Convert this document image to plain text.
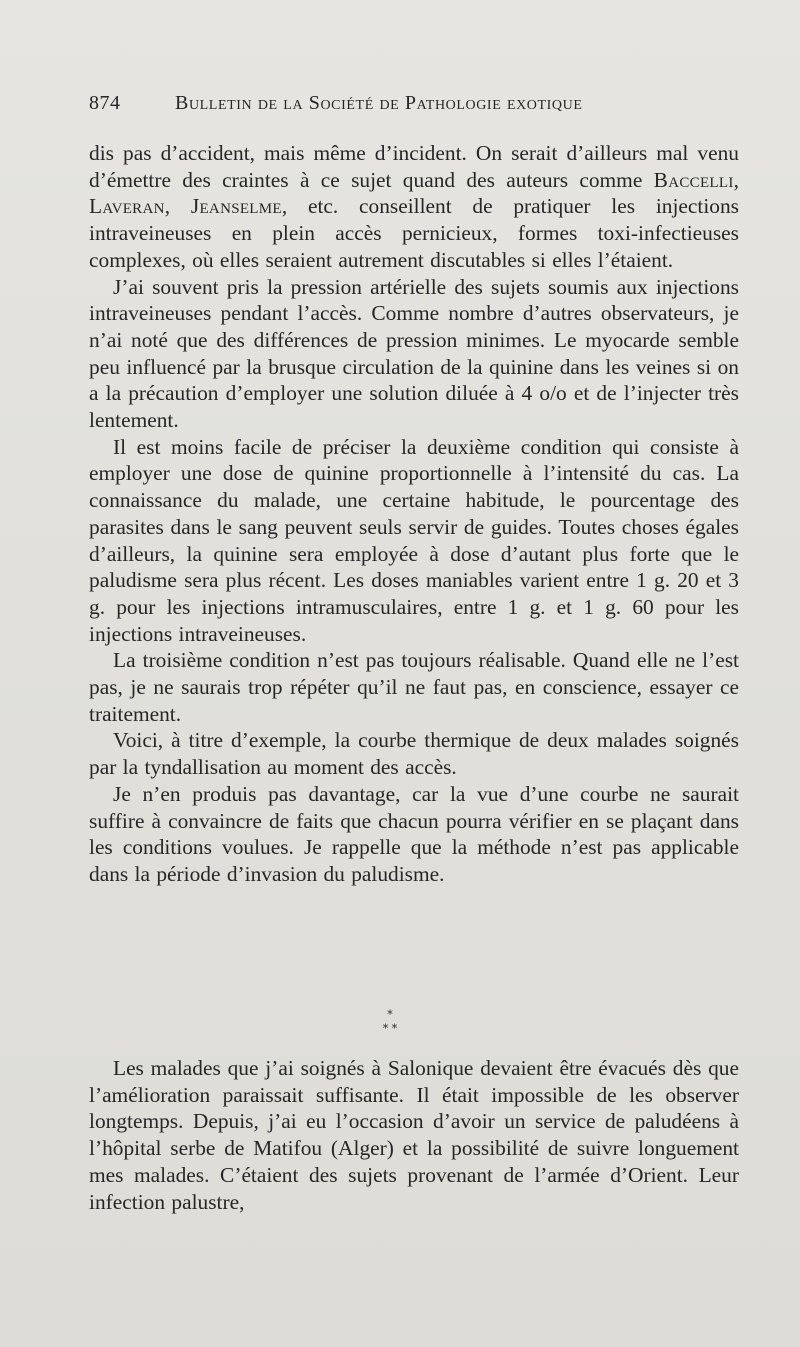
874	Bulletin de la Société de Pathologie exotique

dis pas d’accident, mais même d’incident. On serait d’ailleurs mal venu d’émettre des craintes à ce sujet quand des auteurs comme Baccelli, Laveran, Jeanselme, etc. conseillent de pratiquer les injections intraveineuses en plein accès pernicieux, formes toxi-infectieuses complexes, où elles seraient autrement discutables si elles l’étaient.

J’ai souvent pris la pression artérielle des sujets soumis aux injections intraveineuses pendant l’accès. Comme nombre d’autres observateurs, je n’ai noté que des différences de pression minimes. Le myocarde semble peu influencé par la brusque circulation de la quinine dans les veines si on a la précaution d’employer une solution diluée à 4 o/o et de l’injecter très lentement.

Il est moins facile de préciser la deuxième condition qui consiste à employer une dose de quinine proportionnelle à l’intensité du cas. La connaissance du malade, une certaine habitude, le pourcentage des parasites dans le sang peuvent seuls servir de guides. Toutes choses égales d’ailleurs, la quinine sera employée à dose d’autant plus forte que le paludisme sera plus récent. Les doses maniables varient entre 1 g. 20 et 3 g. pour les injections intramusculaires, entre 1 g. et 1 g. 60 pour les injections intraveineuses.

La troisième condition n’est pas toujours réalisable. Quand elle ne l’est pas, je ne saurais trop répéter qu’il ne faut pas, en conscience, essayer ce traitement.

Voici, à titre d’exemple, la courbe thermique de deux malades soignés par la tyndallisation au moment des accès.

Je n’en produis pas davantage, car la vue d’une courbe ne saurait suffire à convaincre de faits que chacun pourra vérifier en se plaçant dans les conditions voulues. Je rappelle que la méthode n’est pas applicable dans la période d’invasion du paludisme.

*
* *

Les malades que j’ai soignés à Salonique devaient être évacués dès que l’amélioration paraissait suffisante. Il était impossible de les observer longtemps. Depuis, j’ai eu l’occasion d’avoir un service de paludéens à l’hôpital serbe de Matifou (Alger) et la possibilité de suivre longuement mes malades. C’étaient des sujets provenant de l’armée d’Orient. Leur infection palustre,
